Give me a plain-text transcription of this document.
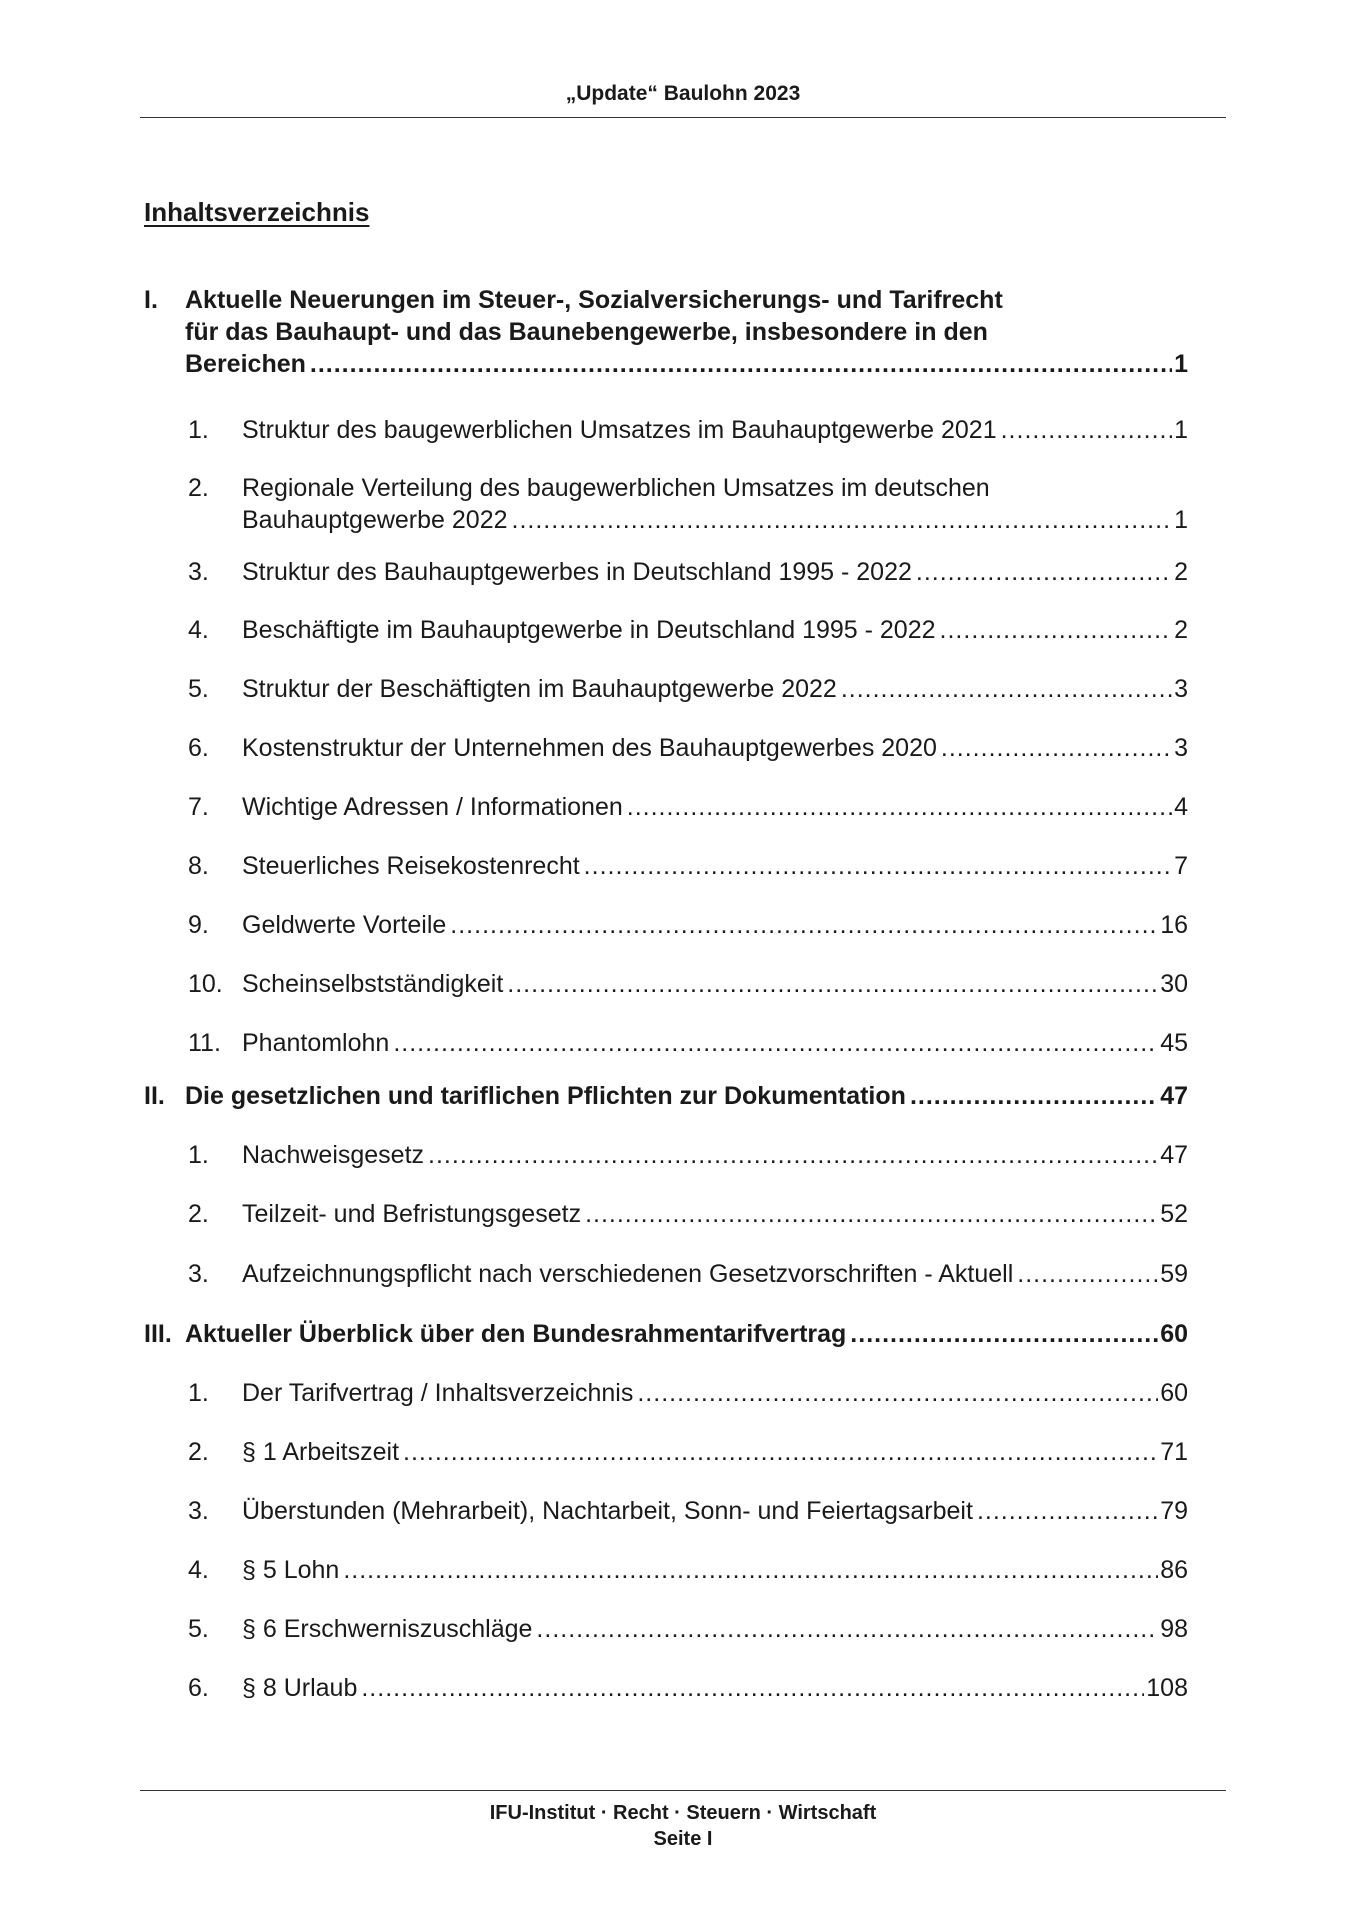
„Update“ Baulohn 2023
Inhaltsverzeichnis
I. Aktuelle Neuerungen im Steuer-, Sozialversicherungs- und Tarifrecht
für das Bauhaupt- und das Baunebengewerbe, insbesondere in den
Bereichen .....	1
1. Struktur des baugewerblichen Umsatzes im Bauhauptgewerbe 2021 .....	1
2. Regionale Verteilung des baugewerblichen Umsatzes im deutschen
Bauhauptgewerbe 2022 .....	1
3. Struktur des Bauhauptgewerbes in Deutschland 1995 - 2022 .....	2
4. Beschäftigte im Bauhauptgewerbe in Deutschland 1995 - 2022 .....	2
5. Struktur der Beschäftigten im Bauhauptgewerbe 2022 .....	3
6. Kostenstruktur der Unternehmen des Bauhauptgewerbes 2020 .....	3
7. Wichtige Adressen / Informationen .....	4
8. Steuerliches Reisekostenrecht .....	7
9. Geldwerte Vorteile .....	16
10. Scheinselbstständigkeit .....	30
11. Phantomlohn .....	45
II. Die gesetzlichen und tariflichen Pflichten zur Dokumentation .....	47
1. Nachweisgesetz .....	47
2. Teilzeit- und Befristungsgesetz .....	52
3. Aufzeichnungspflicht nach verschiedenen Gesetzvorschriften - Aktuell .....	59
III. Aktueller Überblick über den Bundesrahmentarifvertrag .....	60
1. Der Tarifvertrag / Inhaltsverzeichnis .....	60
2. § 1 Arbeitszeit .....	71
3. Überstunden (Mehrarbeit), Nachtarbeit, Sonn- und Feiertagsarbeit .....	79
4. § 5 Lohn .....	86
5. § 6 Erschwerniszuschläge .....	98
6. § 8 Urlaub .....	108
IFU-Institut · Recht · Steuern · Wirtschaft
Seite I
